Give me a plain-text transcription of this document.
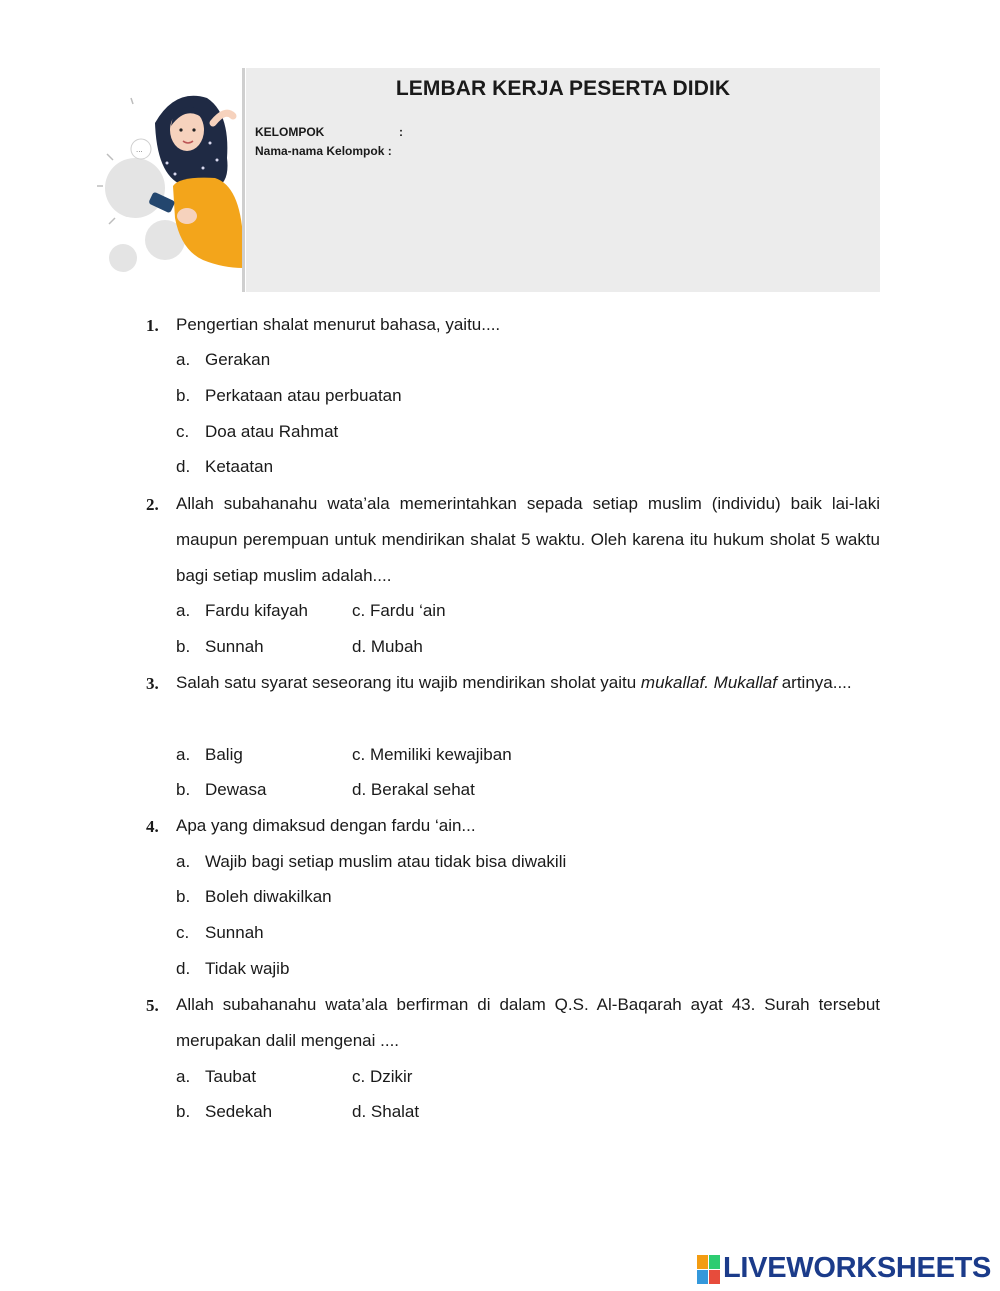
...
LEMBAR KERJA PESERTA DIDIK
KELOMPOK	:
Nama-nama Kelompok :
1. Pengertian shalat menurut bahasa, yaitu....
a. Gerakan
b. Perkataan atau perbuatan
c. Doa atau Rahmat
d. Ketaatan
2. Allah subahanahu wata’ala memerintahkan sepada setiap muslim (individu) baik lai-laki maupun perempuan untuk mendirikan shalat 5 waktu. Oleh karena itu hukum sholat 5 waktu bagi setiap muslim adalah....
a. Fardu kifayah	c. Fardu ‘ain
b. Sunnah	d. Mubah
3. Salah satu syarat seseorang itu wajib mendirikan sholat yaitu mukallaf. Mukallaf artinya....
a. Balig	c. Memiliki kewajiban
b. Dewasa	d. Berakal sehat
4. Apa yang dimaksud dengan fardu ‘ain...
a. Wajib bagi setiap muslim atau tidak bisa diwakili
b. Boleh diwakilkan
c. Sunnah
d. Tidak wajib
5. Allah subahanahu wata’ala berfirman di dalam Q.S. Al-Baqarah ayat 43. Surah tersebut merupakan dalil mengenai ....
a. Taubat	c. Dzikir
b. Sedekah	d. Shalat
LIVEWORKSHEETS
